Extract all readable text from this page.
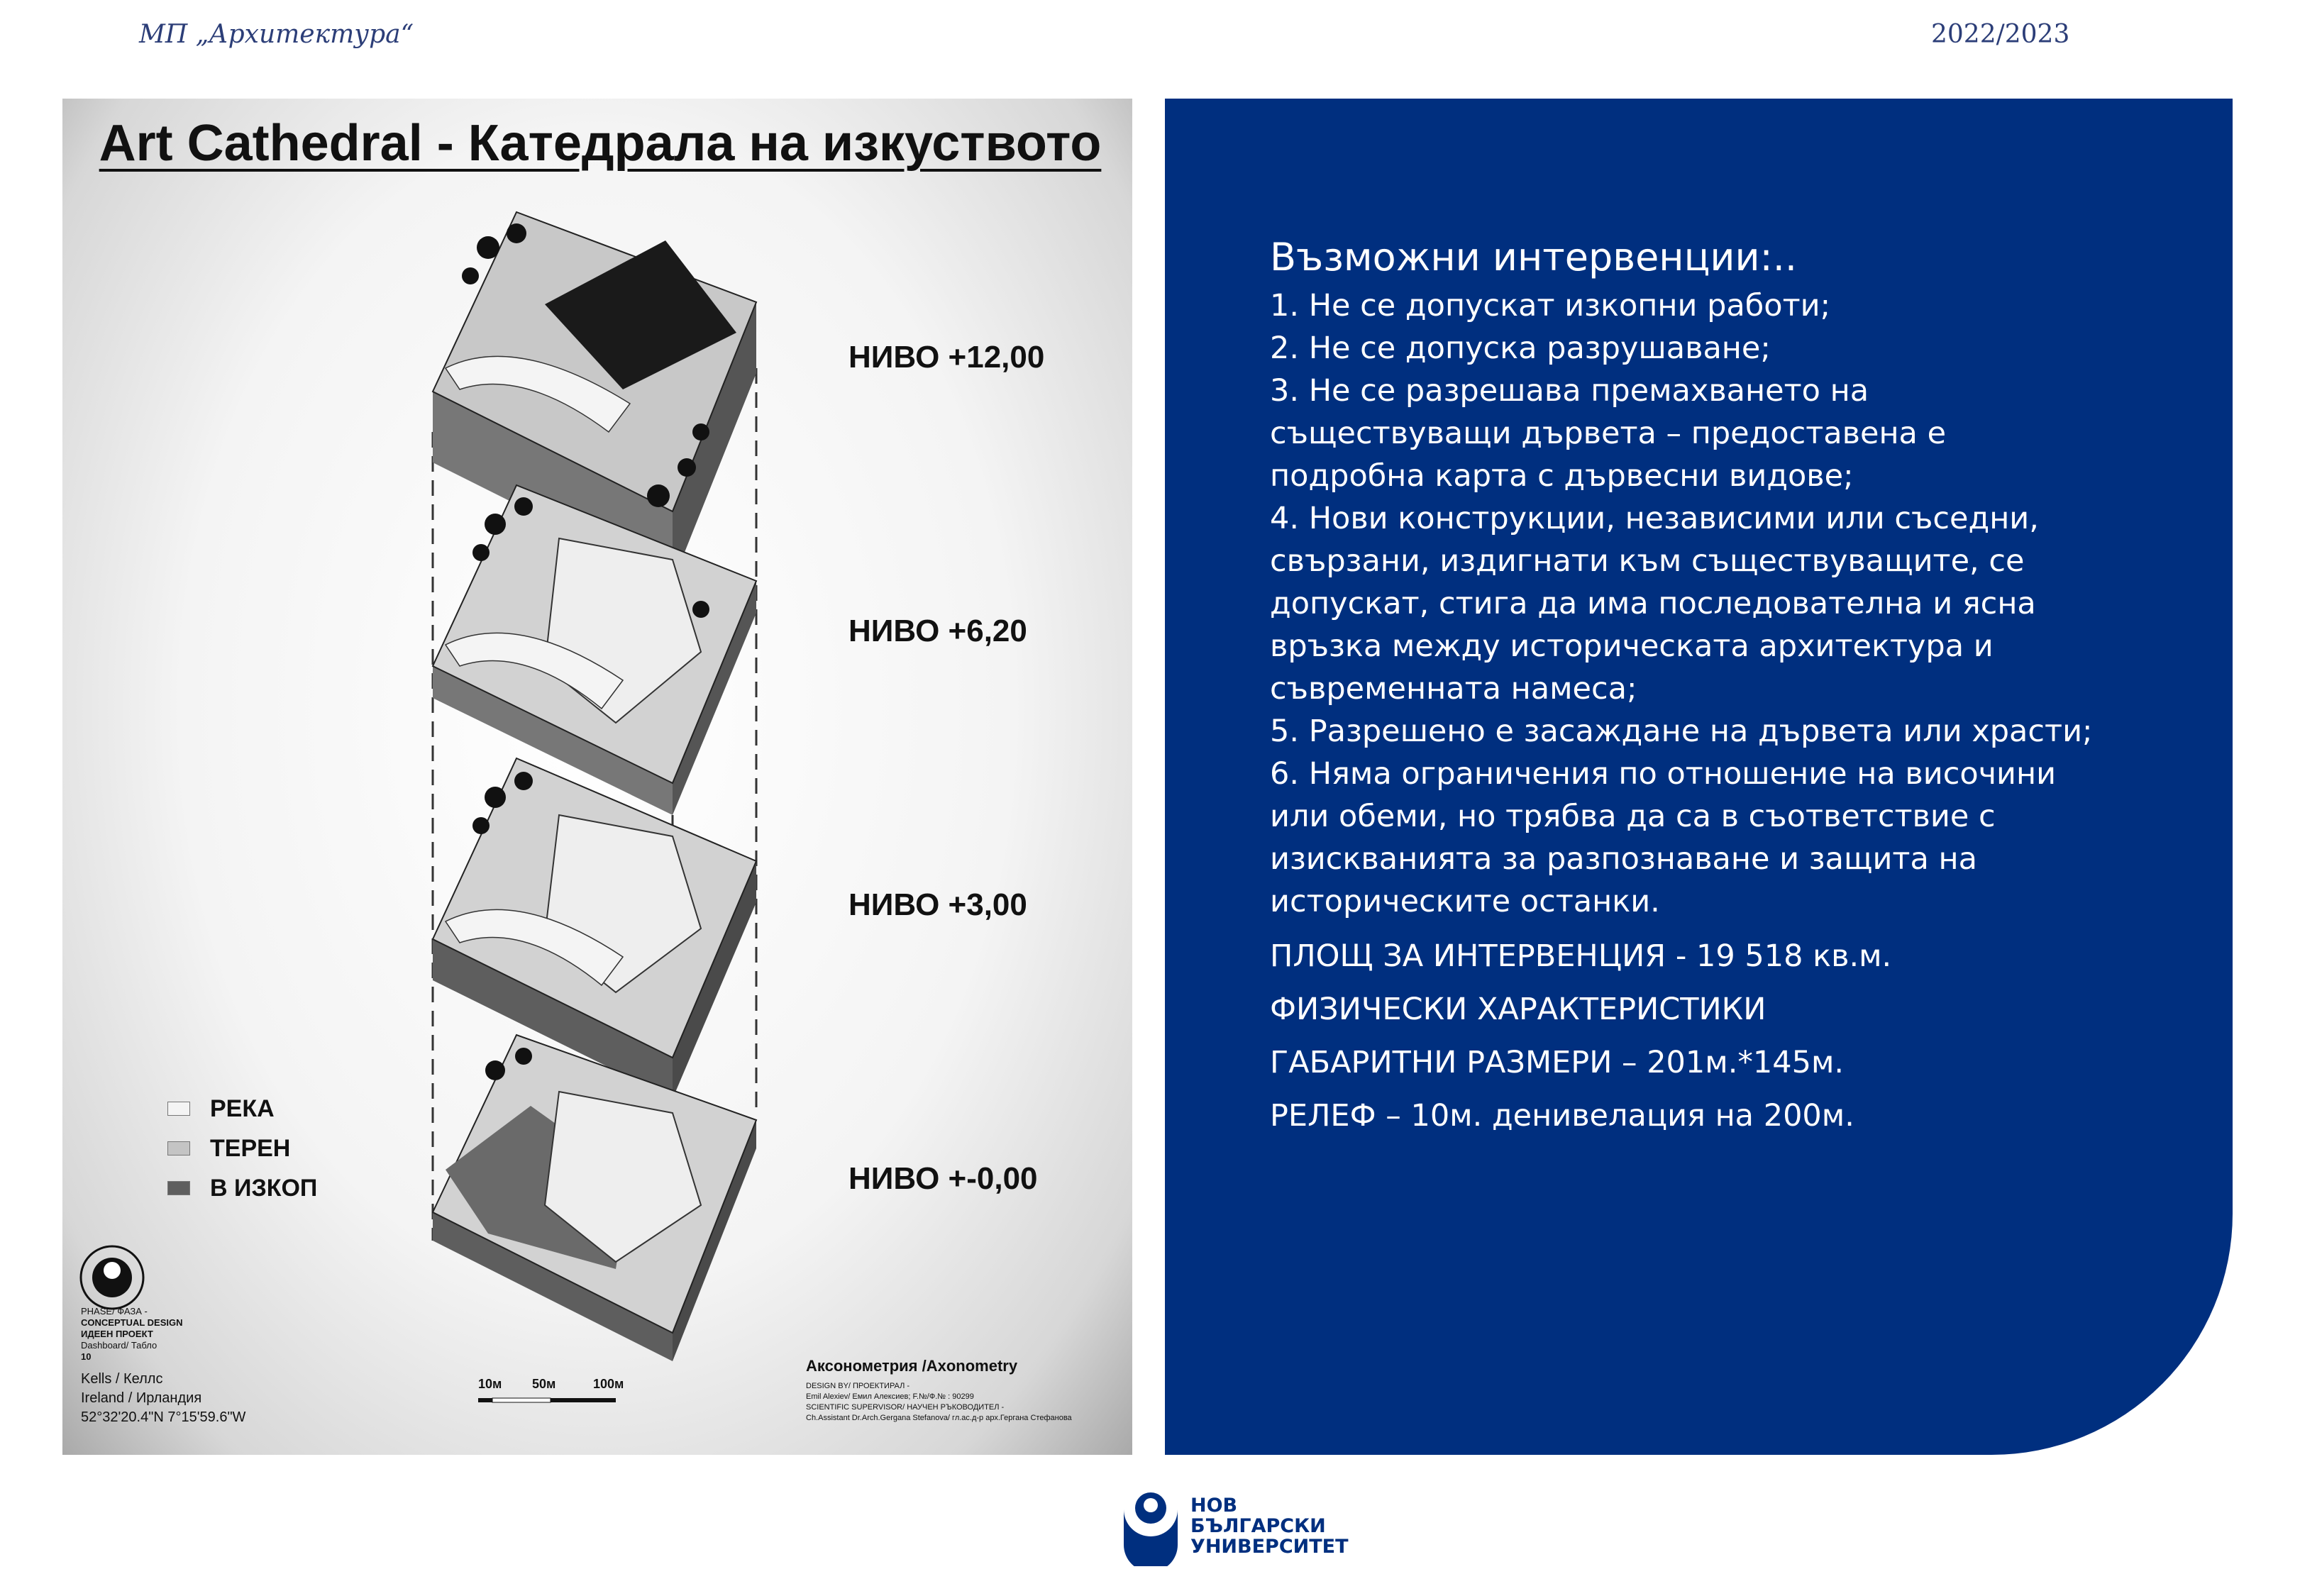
МП „Архитектура“	2022/2023
Art Cathedral - Катедрала на изкуството
НИВО +12,00
НИВО +6,20
НИВО +3,00
НИВО +-0,00
РЕКА
ТЕРЕН
В ИЗКОП
PHASE/ ФАЗА -
CONCEPTUAL DESIGN
ИДЕЕН ПРОЕКТ
Dashboard/ Табло
10
Kells / Келлс
Ireland / Ирландия
52°32'20.4"N 7°15'59.6"W
10м 50м	100м
Аксонометрия /Axonometry
DESIGN BY/ ПРОЕКТИРАЛ -
Emil Alexiev/ Емил Алексиев; F.№/Ф.№ : 90299
SCIENTIFIC SUPERVISOR/ НАУЧЕН РЪКОВОДИТЕЛ -
Ch.Assistant Dr.Arch.Gergana Stefanova/ гл.ас.д-р арх.Гергана Стефанова
Възможни интервенции:..
1. Не се допускат изкопни работи;
2. Не се допуска разрушаване;
3. Не се разрешава премахването на съществуващи дървета – предоставена е подробна карта с дървесни видове;
4. Нови конструкции, независими или съседни, свързани, издигнати към съществуващите, се допускат, стига да има последователна и ясна връзка между историческата архитектура и съвременната намеса;
5. Разрешено е засаждане на дървета или храсти;
6. Няма ограничения по отношение на височини или обеми, но трябва да са в съответствие с изискванията за разпознаване и защита на историческите останки.
ПЛОЩ ЗА ИНТЕРВЕНЦИЯ - 19 518 кв.м.
ФИЗИЧЕСКИ ХАРАКТЕРИСТИКИ
ГАБАРИТНИ РАЗМЕРИ – 201м.*145м.
РЕЛЕФ – 10м. денивелация на 200м.
НОВ
БЪЛГАРСКИ
УНИВЕРСИТЕТ
